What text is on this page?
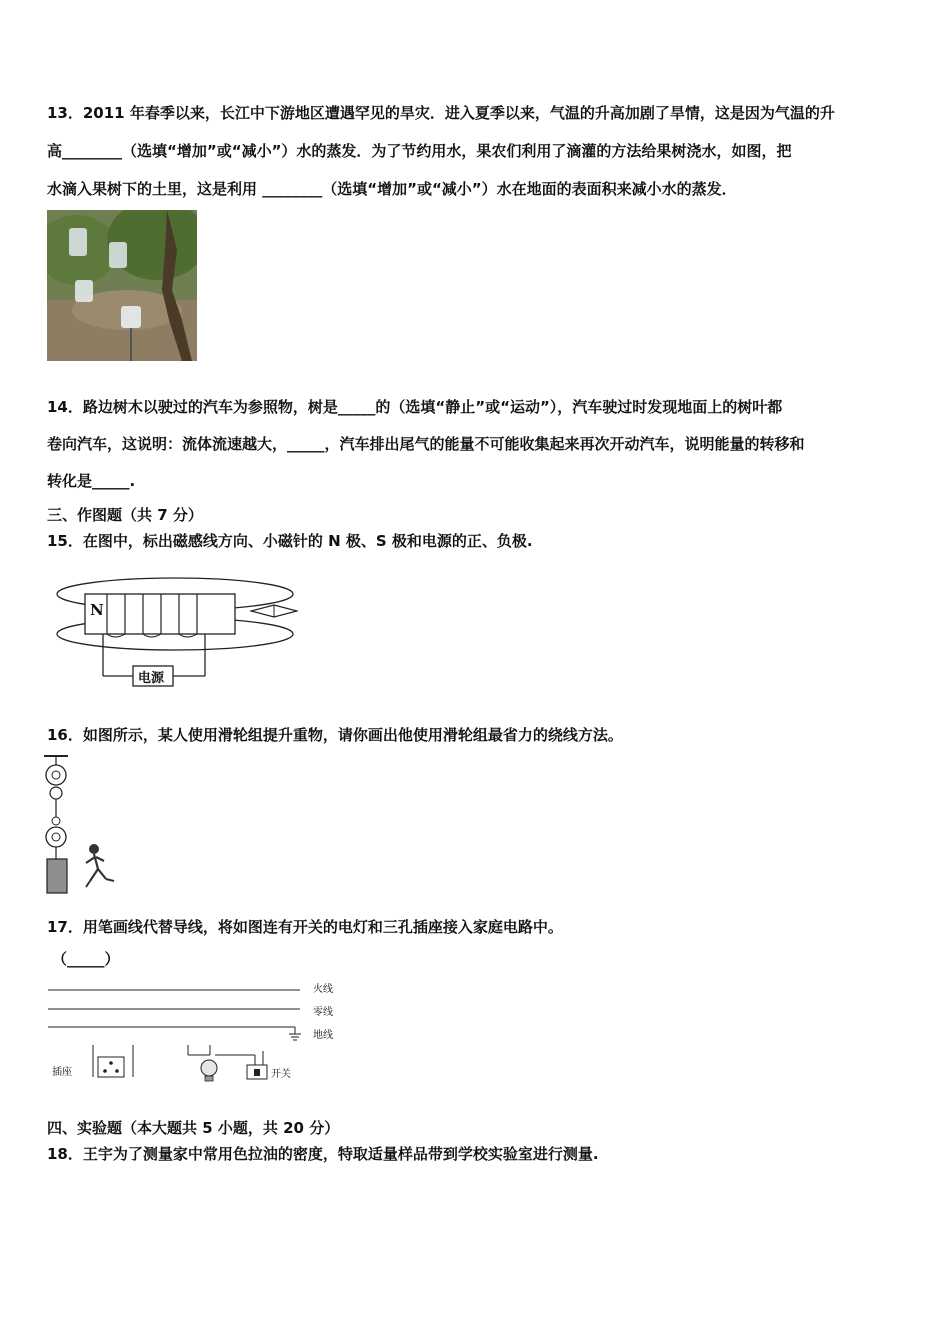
13．2011 年春季以来，长江中下游地区遭遇罕见的旱灾．进入夏季以来，气温的升高加剧了旱情，这是因为气温的升
高________（选填“增加”或“减小”）水的蒸发．为了节约用水，果农们利用了滴灌的方法给果树浇水，如图，把
水滴入果树下的土里，这是利用 ________（选填“增加”或“减小”）水在地面的表面积来减小水的蒸发．
14．路边树木以驶过的汽车为参照物，树是_____的（选填“静止”或“运动”），汽车驶过时发现地面上的树叶都
卷向汽车，这说明：流体流速越大，_____，汽车排出尾气的能量不可能收集起来再次开动汽车，说明能量的转移和
转化是_____.
三、作图题（共 7 分）
15．在图中，标出磁感线方向、小磁针的 N 极、S 极和电源的正、负极.
N
电源
16．如图所示，某人使用滑轮组提升重物，请你画出他使用滑轮组最省力的绕线方法。
17．用笔画线代替导线，将如图连有开关的电灯和三孔插座接入家庭电路中。
（_____）
火线
零线
地线
插座	开关
四、实验题（本大题共 5 小题，共 20 分）
18．王宇为了测量家中常用色拉油的密度，特取适量样品带到学校实验室进行测量.
